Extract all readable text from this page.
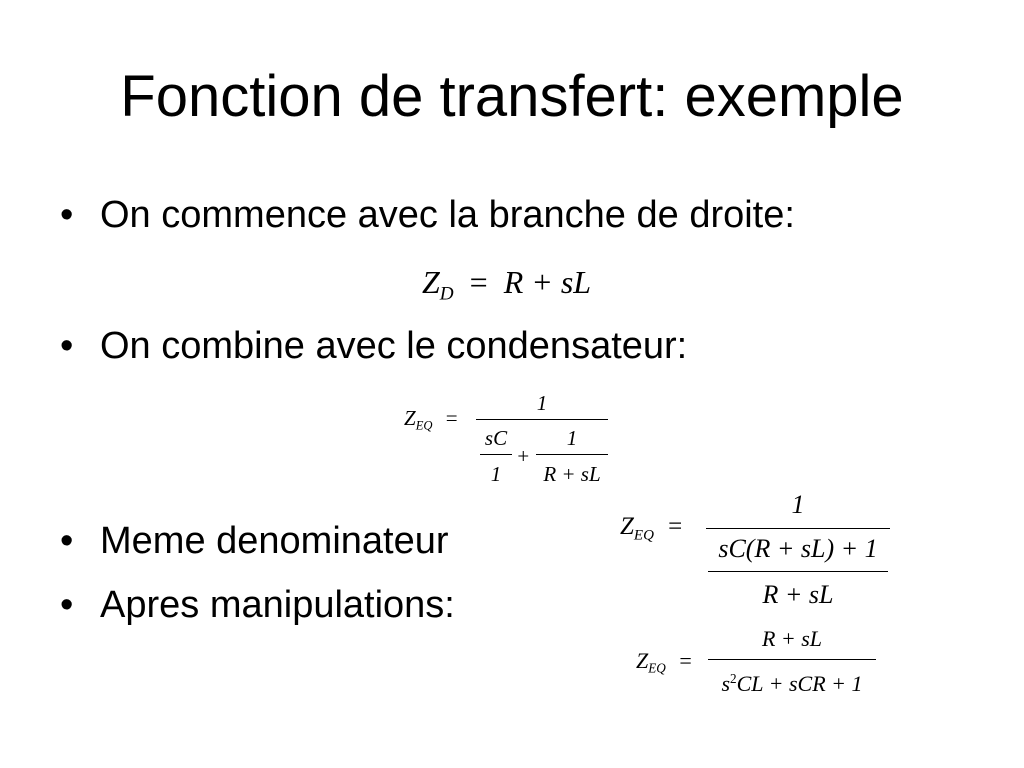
Fonction de transfert: exemple
• On commence avec la branche de droite:
$Z_D = R$ + sL
• On combine avec le condensateur:
$Z_{EQ}$ =
1
sC
1
+
1
R + sL
• Meme denominateur	$Z_{EQ}$ =
1
sC(R + sL) + 1
R + sL
• Apres manipulations:
$Z_{EQ}$ =
R + sL
$s^2CL$ + sCR + 1
